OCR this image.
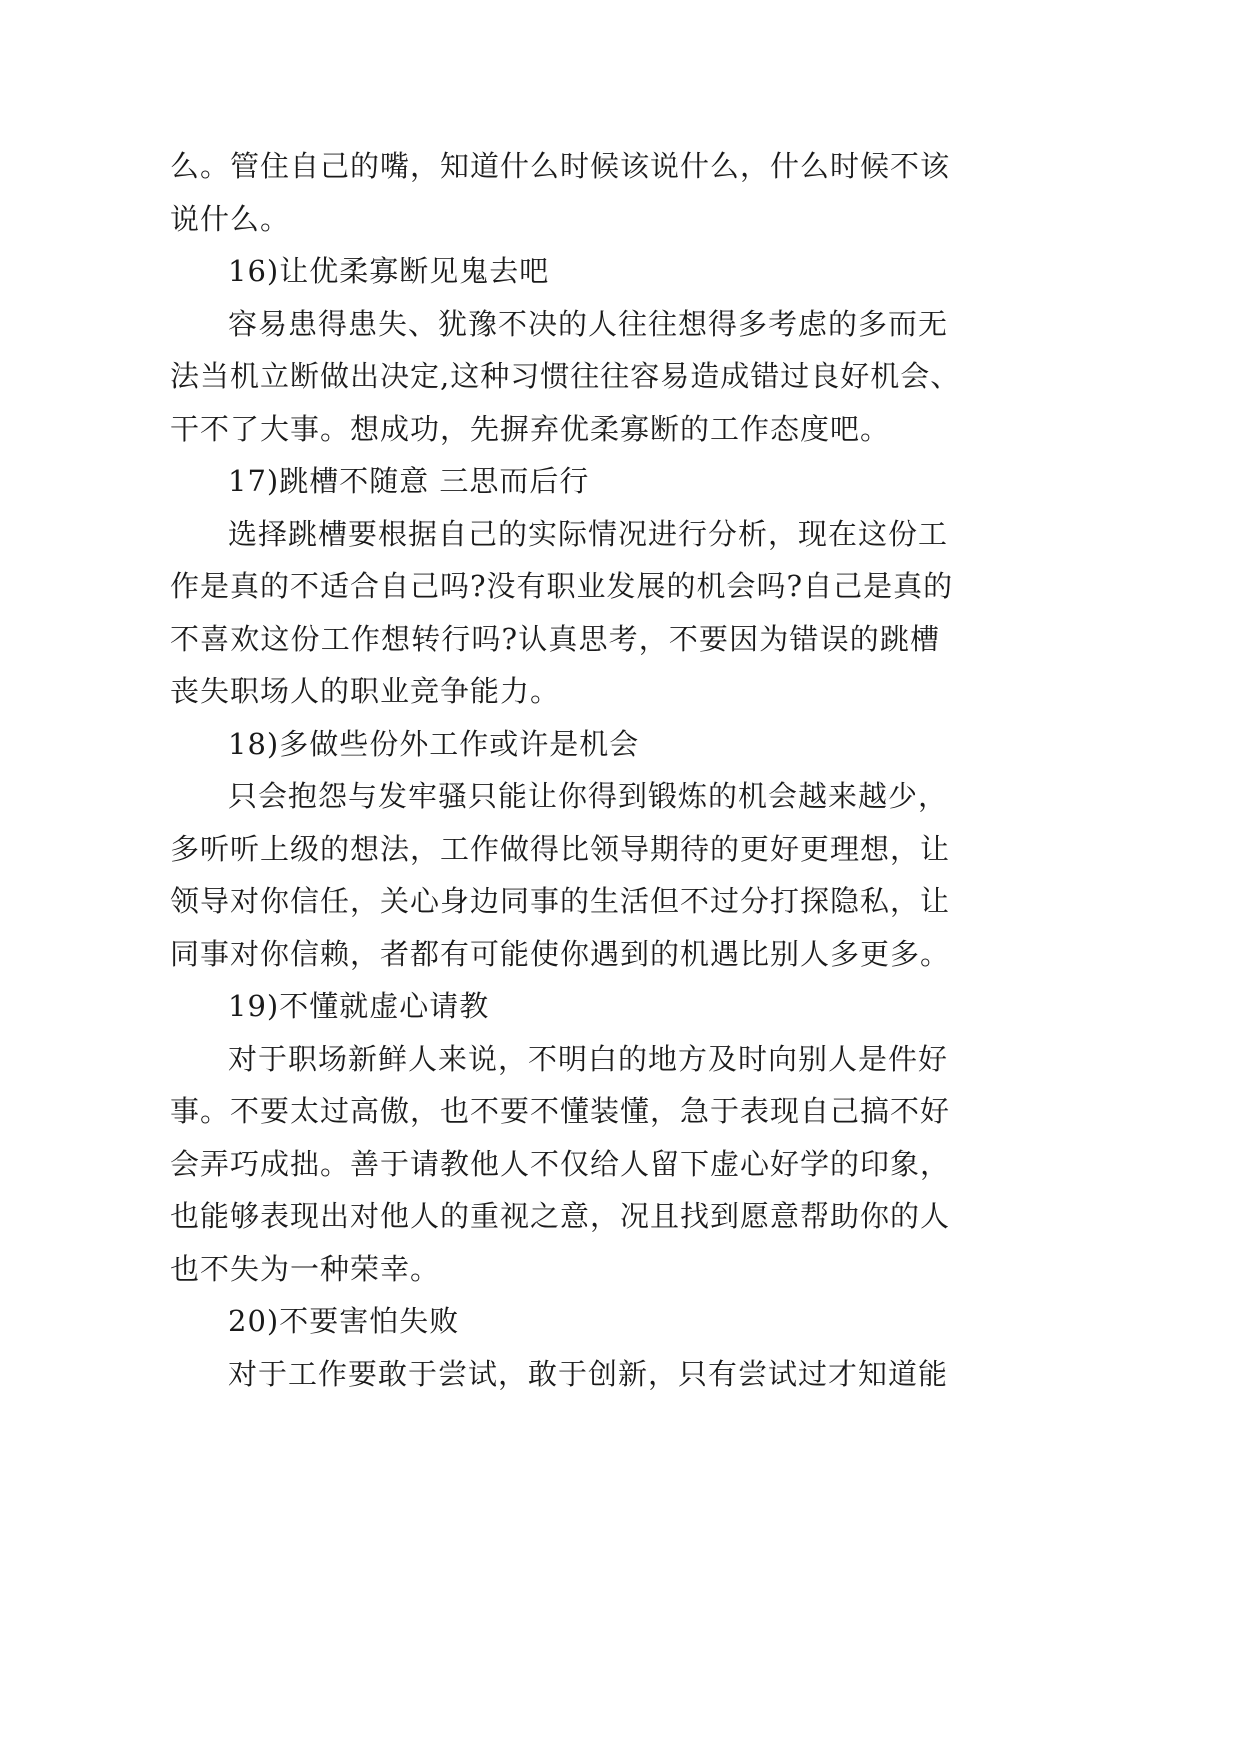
么。管住自己的嘴，知道什么时候该说什么，什么时候不该

说什么。

16)让优柔寡断见鬼去吧

容易患得患失、犹豫不决的人往往想得多考虑的多而无

法当机立断做出决定,这种习惯往往容易造成错过良好机会、

干不了大事。想成功，先摒弃优柔寡断的工作态度吧。

17)跳槽不随意 三思而后行

选择跳槽要根据自己的实际情况进行分析，现在这份工

作是真的不适合自己吗?没有职业发展的机会吗?自己是真的

不喜欢这份工作想转行吗?认真思考，不要因为错误的跳槽

丧失职场人的职业竞争能力。

18)多做些份外工作或许是机会

只会抱怨与发牢骚只能让你得到锻炼的机会越来越少，

多听听上级的想法，工作做得比领导期待的更好更理想，让

领导对你信任，关心身边同事的生活但不过分打探隐私，让

同事对你信赖，者都有可能使你遇到的机遇比别人多更多。

19)不懂就虚心请教

对于职场新鲜人来说，不明白的地方及时向别人是件好

事。不要太过高傲，也不要不懂装懂，急于表现自己搞不好

会弄巧成拙。善于请教他人不仅给人留下虚心好学的印象，

也能够表现出对他人的重视之意，况且找到愿意帮助你的人

也不失为一种荣幸。

20)不要害怕失败

对于工作要敢于尝试，敢于创新，只有尝试过才知道能
